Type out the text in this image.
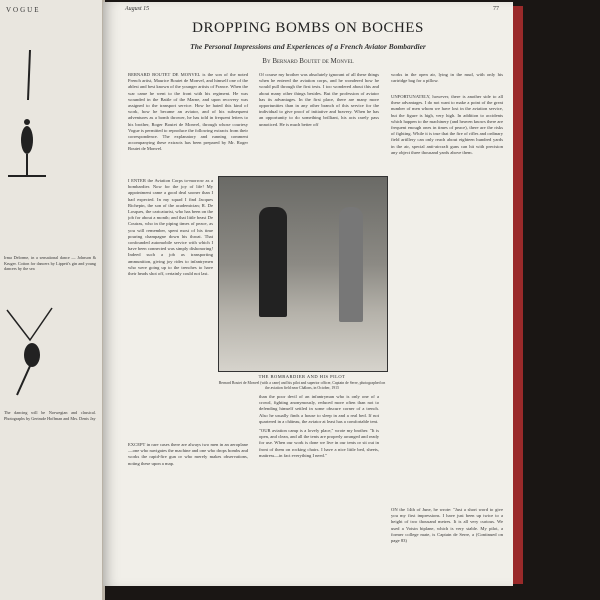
VOGUE
Irma Delorme, in a sensational dance — Johnson & Kruger. Cotton for dancers by Lippett's gin and young dancers by the sea
The dancing will be Norwegian and classical. Photographs by Gertrude Hoffman and Mrs. Denis Jay
August 15	77
DROPPING BOMBS ON BOCHES
The Personal Impressions and Experiences of a French Aviator Bombardier
By Bernard Boutet de Monvel
BERNARD BOUTET DE MONVEL is the son of the noted French artist, Maurice Boutet de Monvel, and himself one of the ablest and best known of the younger artists of France. When the war came he went to the front with his regiment. He was wounded in the Battle of the Marne, and upon recovery was assigned to the transport service. How he hated this kind of work, how he became an aviator, and of his subsequent adventures as a bomb thrower, he has told in frequent letters to his brother, Roger Boutet de Monvel, through whose courtesy Vogue is permitted to reproduce the following extracts from their correspondence. The explanatory and running comment accompanying these extracts has been prepared by Mr. Roger Boutet de Monvel.

I ENTER the Aviation Corps to-morrow as a bombardier. Now for the joy of life! My appointment came a good deal sooner than I had expected. In my squad I find Jacques Richepin, the son of the academician; R. De Losques, the caricaturist, who has been on the job for about a month; and that little beast De Coutras, who in the piping times of peace, as you will remember, spent most of his time pouring champagne down his throat. That confounded automobile service with which I have been connected was simply dishonoring! Indeed such a job as transporting ammunition, giving joy rides to infantrymen who were going up to the trenches to have their heads shot off, certainly could not last.

EXCEPT in rare cases there are always two men in an aeroplane—one who navigates the machine and one who drops bombs and works the rapid-fire gun or who merely makes observations, noting these upon a map.

Of course my brother was absolutely ignorant of all these things when he entered the aviation corps, and he wondered how he would pull through the first tests. I too wondered about this and about many other things besides. But the profession of aviator has its advantages. In the first place, there are many more opportunities than in any other branch of this service for the individual to give proof of initiative and bravery. When he has an opportunity to do something brilliant, his acts rarely pass unnoticed. He is much better off

than the poor devil of an infantryman who is only one of a crowd, fighting anonymously, reduced more often than not to defending himself settled in some obscure corner of a trench. Also he usually finds a house to sleep in and a real bed. If not quartered in a château, the aviator at least has a comfortable tent.

"OUR aviation camp is a lovely place," wrote my brother. "It is open, and clean, and all the tents are properly arranged and ready for use. When our work is done we live in our tents or sit out in front of them on rocking chairs. I have a nice little bed, sheets, mattress—in fact everything I need."

works in the open air, lying in the mud, with only his cartridge bag for a pillow.

UNFORTUNATELY, however, there is another side to all these advantages. I do not want to make a point of the great number of men whom we have lost in the aviation service, but the figure is high, very high. In addition to accidents which happen to the machinery (and heaven knows there are frequent enough ones in times of peace), there are the risks of fighting. While it is true that the fire of rifles and ordinary field artillery can only reach about eighteen hundred yards in the air, special anti-aircraft guns can hit with precision any object three thousand yards above them.

ON the 14th of June, he wrote: "Just a short word to give you my first impressions. I have just been up twice to a height of two thousand metres. It is all very curious. We used a Voisin biplane, which is very stable. My pilot, a former college mate, is Captain de Serre, a (Continued on page 83)

THE BOMBARDIER AND HIS PILOT
Bernard Boutet de Monvel (with a cane) and his pilot and superior officer, Captain de Serre, photographed on the aviation field near Châlons, in October, 1915
